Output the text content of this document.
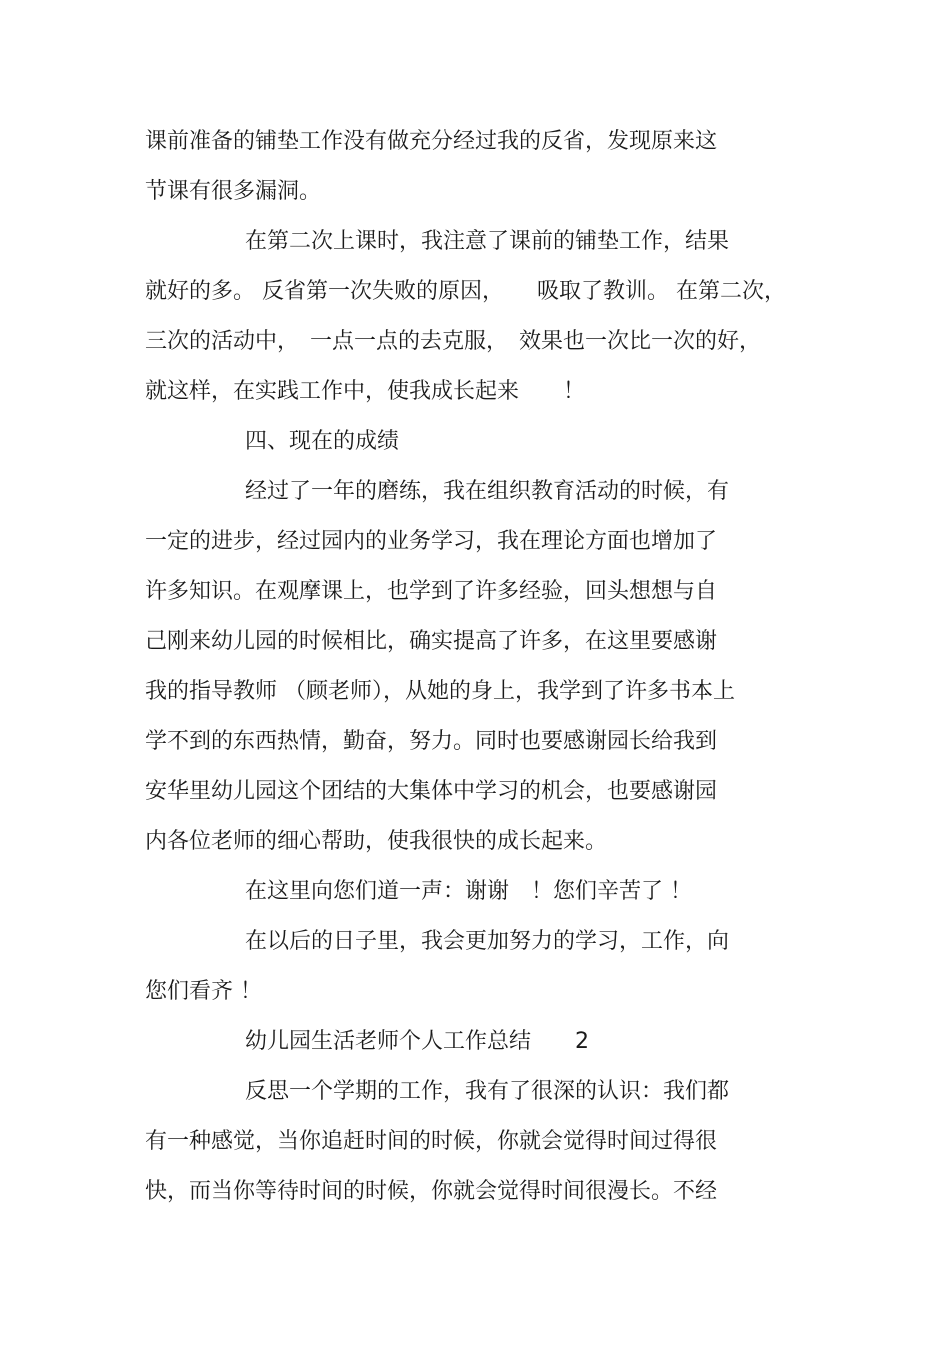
课前准备的铺垫工作没有做充分经过我的反省，发现原来这
节课有很多漏洞。
在第二次上课时，我注意了课前的铺垫工作，结果
就好的多。 反省第一次失败的原因，　　吸取了教训。 在第二次，
三次的活动中，　一点一点的去克服，　效果也一次比一次的好，
就这样，在实践工作中，使我成长起来　　！
四、现在的成绩
经过了一年的磨练，我在组织教育活动的时候，有
一定的进步，经过园内的业务学习，我在理论方面也增加了
许多知识。在观摩课上，也学到了许多经验，回头想想与自
己刚来幼儿园的时候相比，确实提高了许多，在这里要感谢
我的指导教师 （顾老师），从她的身上，我学到了许多书本上
学不到的东西热情，勤奋，努力。同时也要感谢园长给我到
安华里幼儿园这个团结的大集体中学习的机会，也要感谢园
内各位老师的细心帮助，使我很快的成长起来。
在这里向您们道一声：谢谢　！您们辛苦了 ！
在以后的日子里，我会更加努力的学习，工作，向
您们看齐 ！
幼儿园生活老师个人工作总结　　2
反思一个学期的工作，我有了很深的认识：我们都
有一种感觉，当你追赶时间的时候，你就会觉得时间过得很
快，而当你等待时间的时候，你就会觉得时间很漫长。不经
